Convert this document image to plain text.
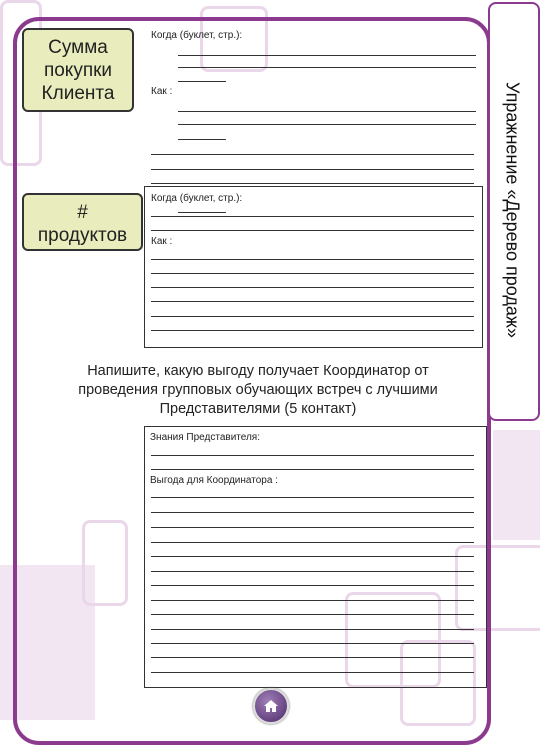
Упражнение «Дерево продаж»
Сумма
покупки
Клиента
#
продуктов
Когда (буклет, стр.):
Как :
Когда (буклет, стр.):
Как :
Напишите, какую выгоду получает Координатор от проведения групповых обучающих встреч с лучшими Представителями (5 контакт)
Знания Представителя:
Выгода для Координатора :
